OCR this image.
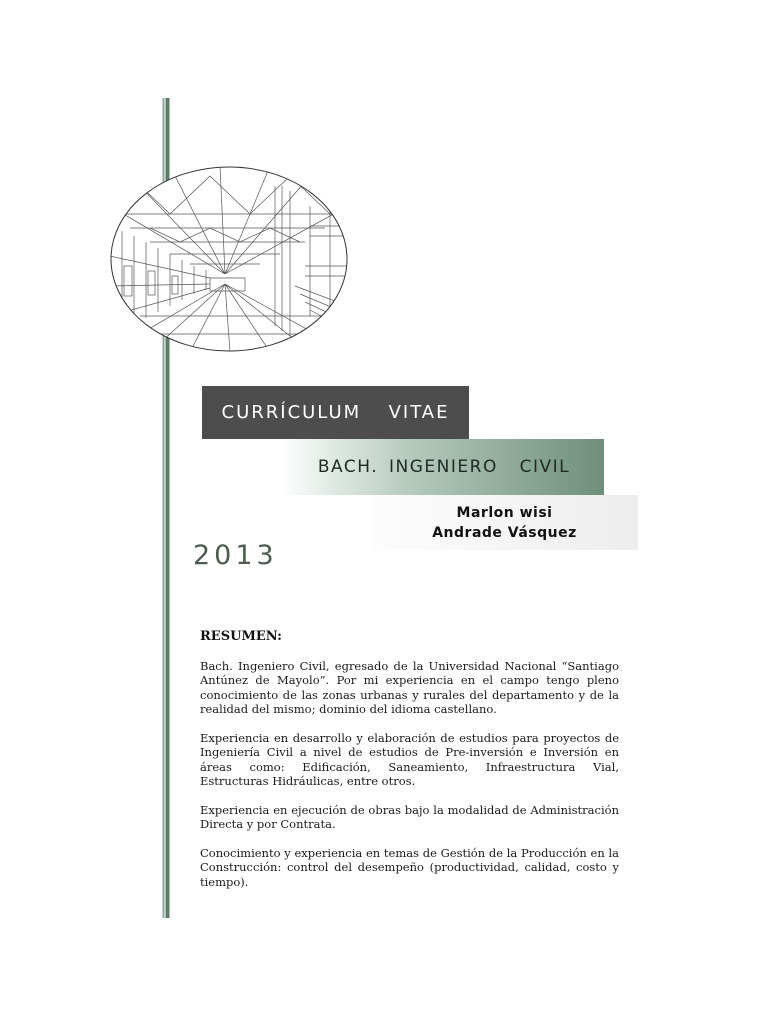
CURRÍCULUM  VITAE
BACH. INGENIERO  CIVIL
Marlon wisi
Andrade Vásquez
2013
RESUMEN:

Bach. Ingeniero Civil, egresado de la Universidad Nacional “Santiago Antúnez de Mayolo”. Por mi experiencia en el campo tengo pleno conocimiento de las zonas urbanas y rurales del departamento y de la realidad del mismo; dominio del idioma castellano.

Experiencia en desarrollo y elaboración de estudios para proyectos de Ingeniería Civil a nivel de estudios de Pre-inversión e Inversión en áreas como: Edificación, Saneamiento, Infraestructura Vial, Estructuras Hidráulicas, entre otros.

Experiencia en ejecución de obras bajo la modalidad de Administración Directa y por Contrata.

Conocimiento y experiencia en temas de Gestión de la Producción en la Construcción: control del desempeño (productividad, calidad, costo y tiempo).
